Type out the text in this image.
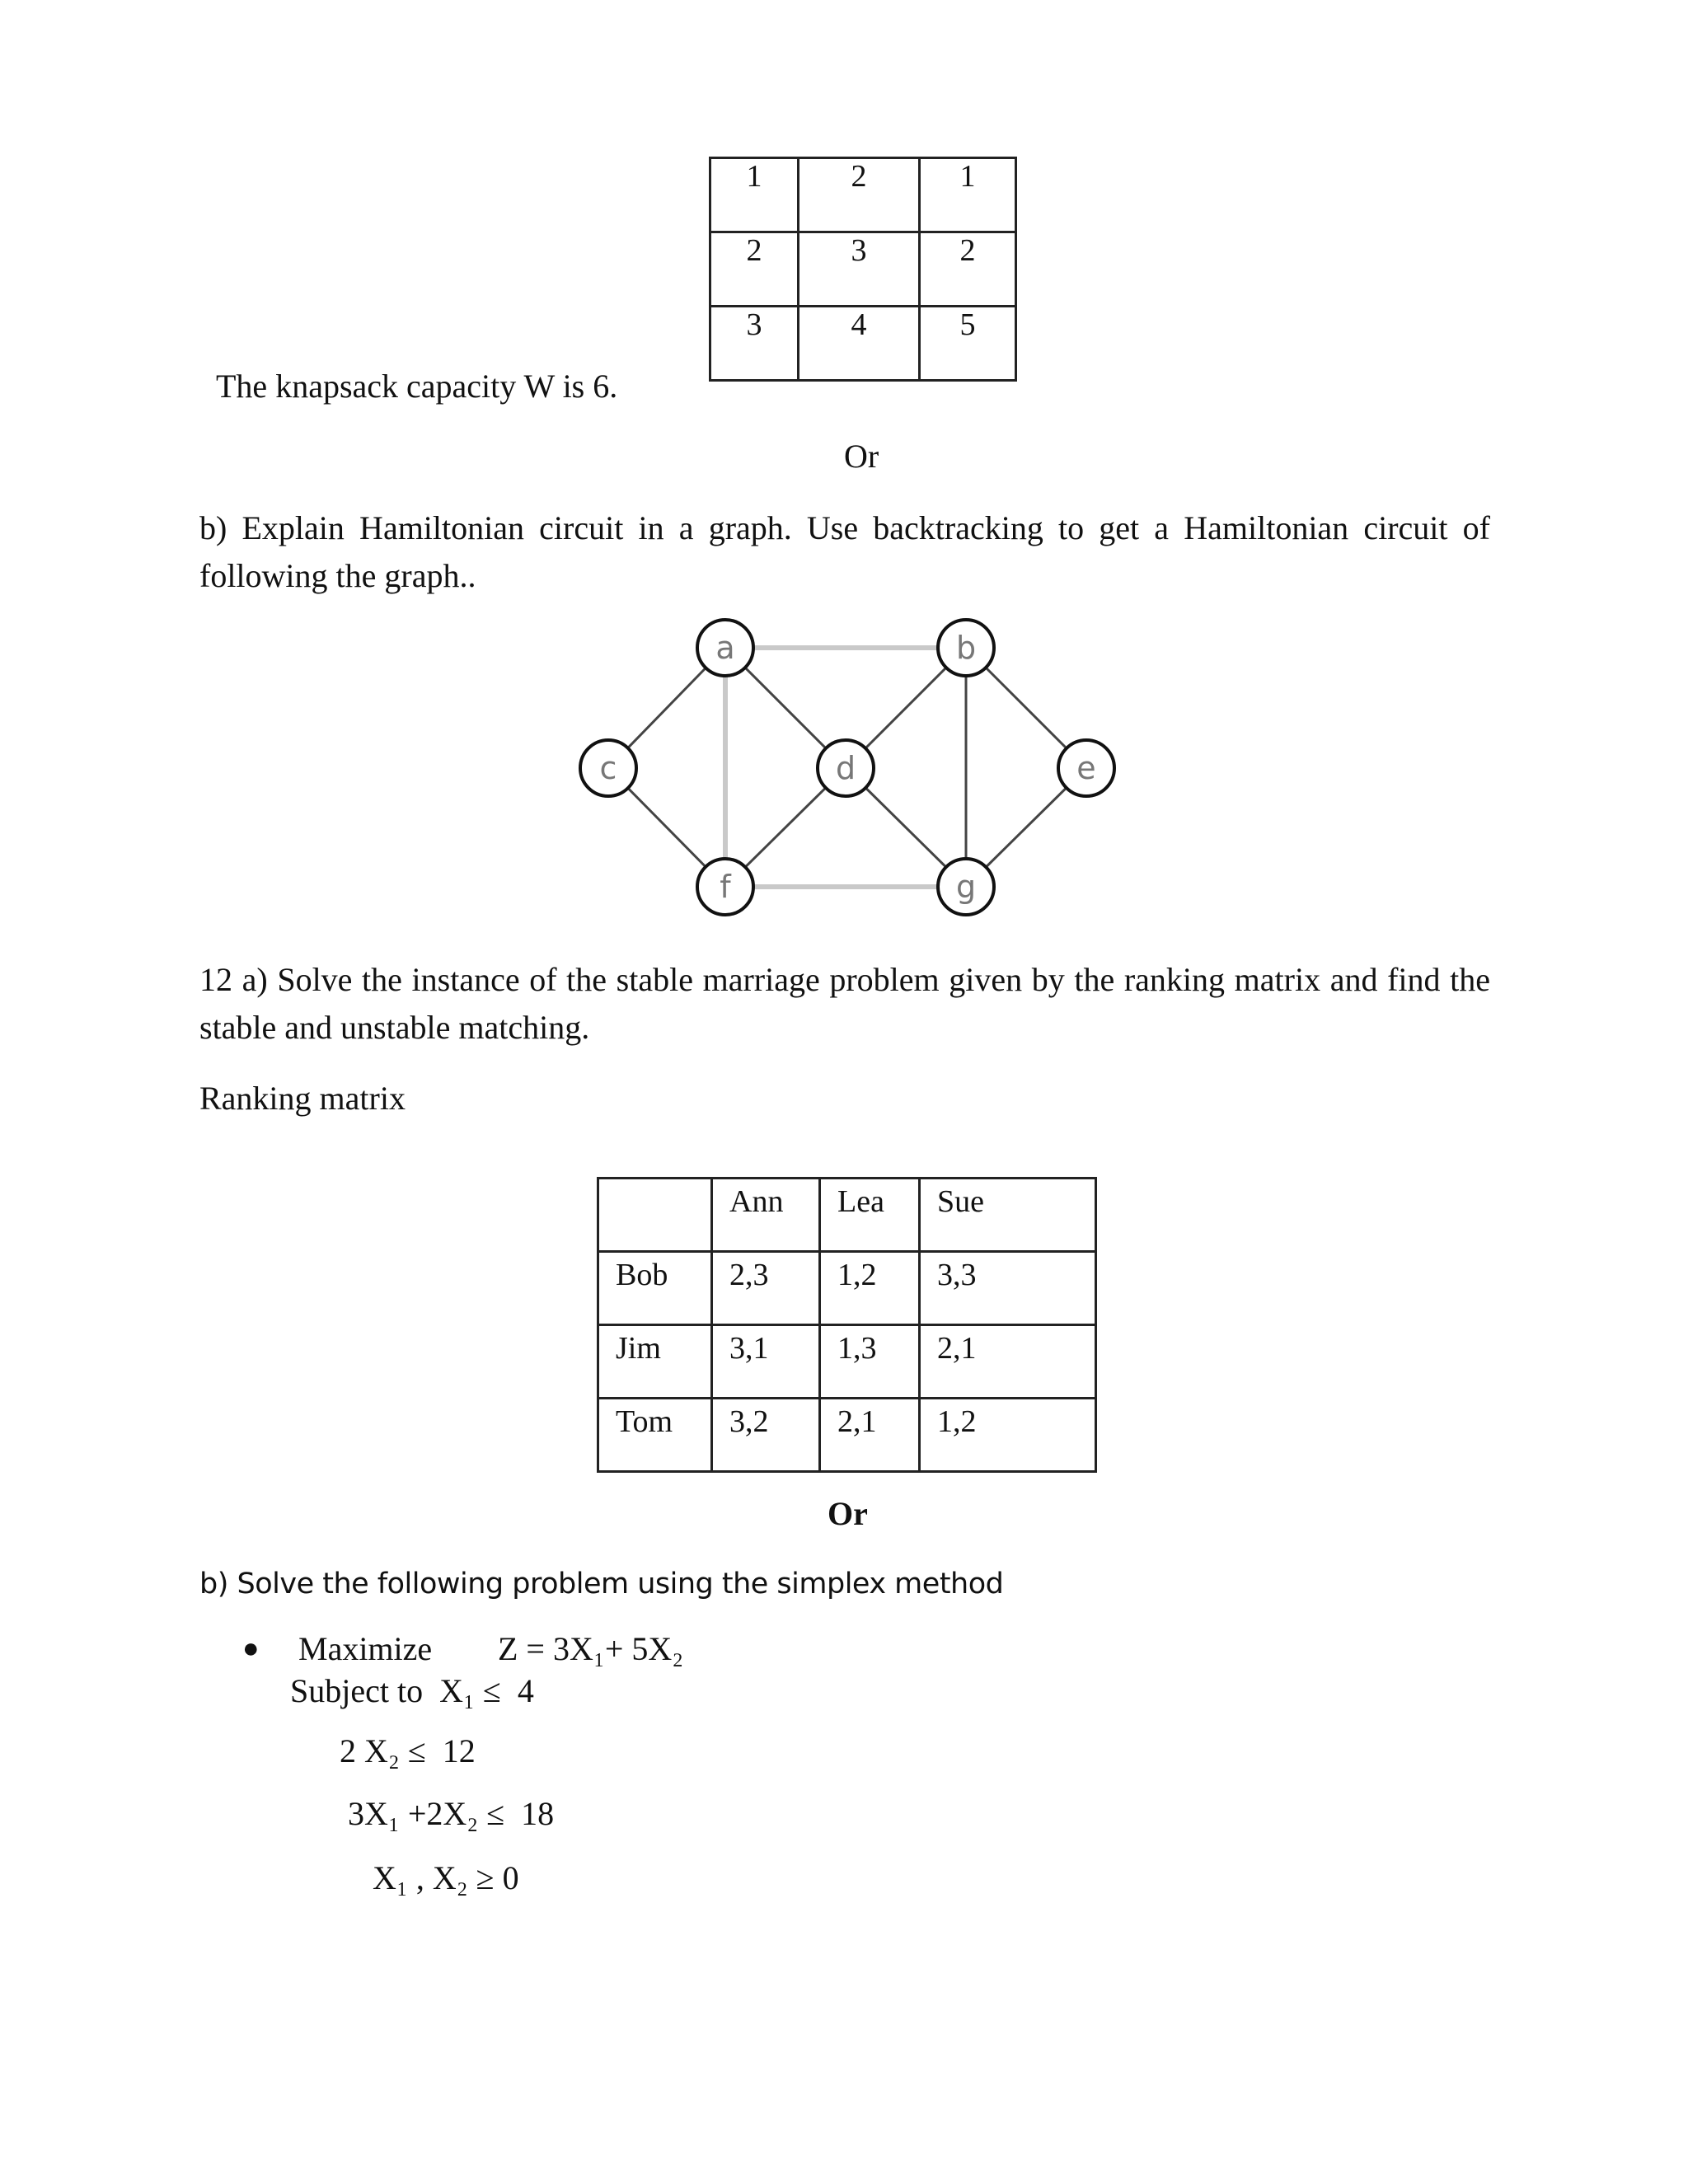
1	2	1
2	3	2
3	4	5
The knapsack capacity W is 6.
Or
b) Explain Hamiltonian circuit in a graph. Use backtracking to get a Hamiltonian circuit of
following the graph..
a	b
c	d	e
f	g
12 a) Solve the instance of the stable marriage problem given by the ranking matrix and find the
stable and unstable matching.
Ranking matrix
	Ann	Lea	Sue
Bob	2,3	1,2	3,3
Jim	3,1	1,3	2,1
Tom	3,2	2,1	1,2
Or
b) Solve the following problem using the simplex method
● Maximize Z = 3X₁+ 5X₂
Subject to  X₁ ≤  4
2 X₂ ≤  12
3X₁ +2X₂ ≤  18
X₁ , X₂ ≥ 0
